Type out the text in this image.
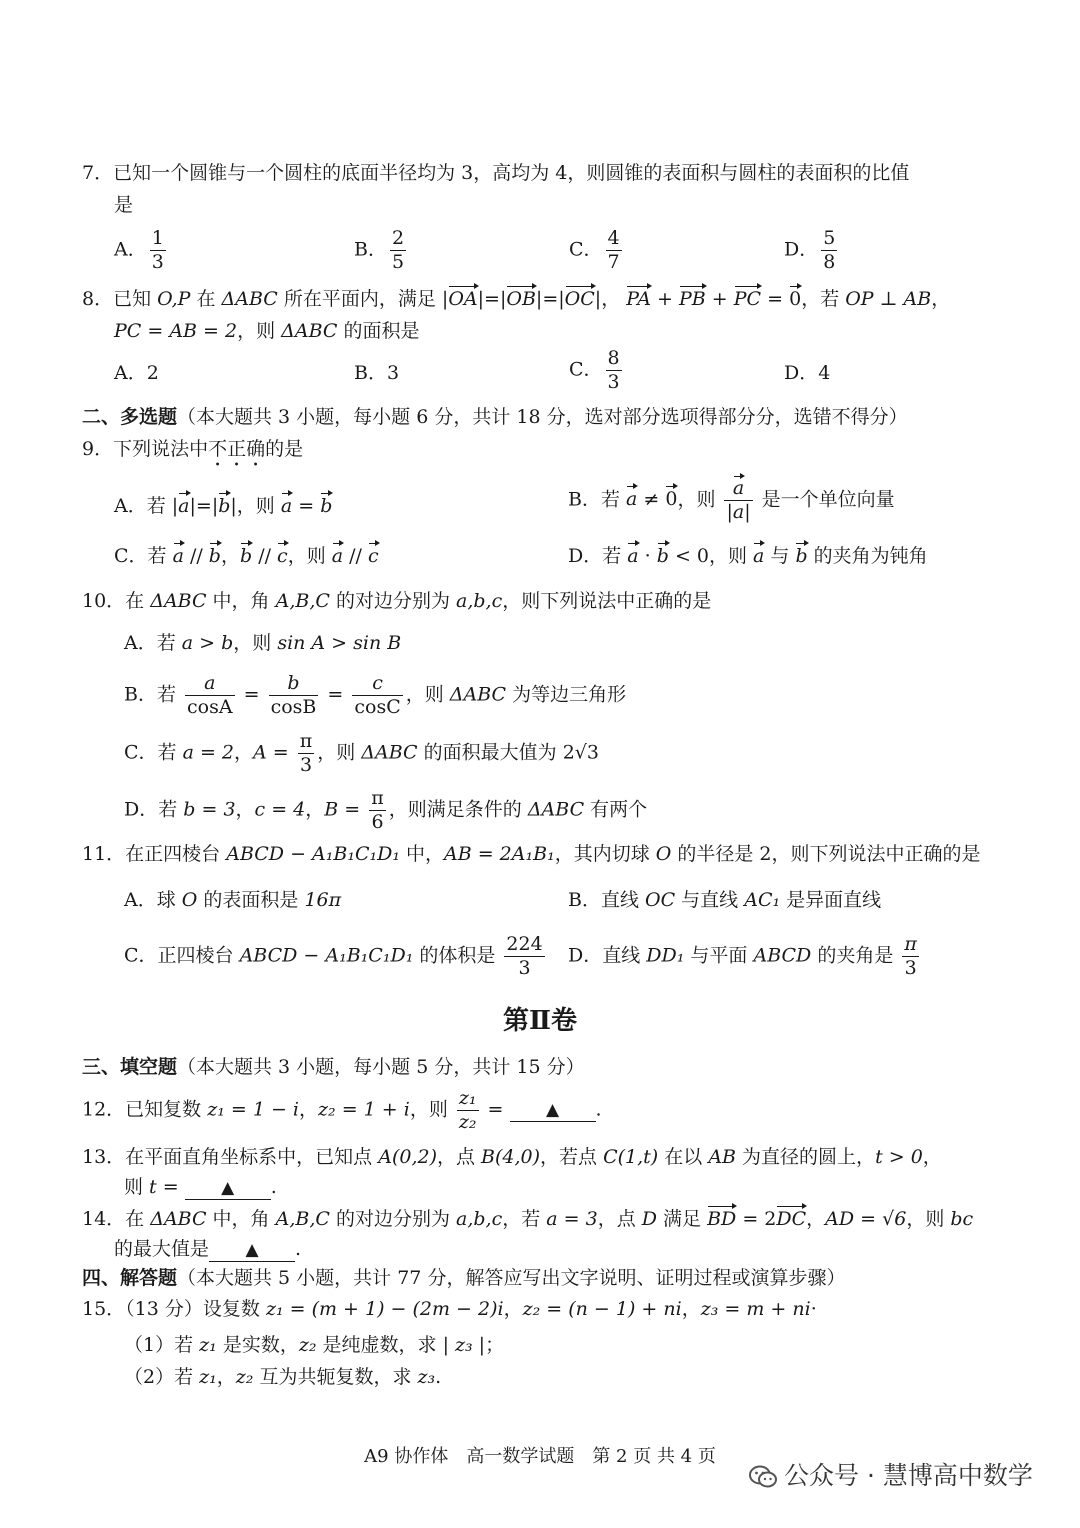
7．已知一个圆锥与一个圆柱的底面半径均为 3，高均为 4，则圆锥的表面积与圆柱的表面积的比值
是
A． $\frac{1}{3}$	B． $\frac{2}{5}$	C． $\frac{4}{7}$	D． $\frac{5}{8}$
8．已知 O,P 在 ΔABC 所在平面内，满足 |OA|=|OB|=|OC|， PA + PB + PC = 0，若 OP ⊥ AB，
PC = AB = 2，则 ΔABC 的面积是
A．2	B．3	C． $\frac{8}{3}$	D．4
二、多选题（本大题共 3 小题，每小题 6 分，共计 18 分，选对部分选项得部分分，选错不得分）
9．下列说法中不正确的是
A．若 |a|=|b|，则 a = b	B．若 a ≠ 0，则 $\frac{a}{|a|}$ 是一个单位向量
C．若 a // b，b // c，则 a // c	D．若 a · b < 0，则 a 与 b 的夹角为钝角
10．在 ΔABC 中，角 A,B,C 的对边分别为 a,b,c，则下列说法中正确的是
A．若 a > b，则 sin A > sin B
B．若 $\frac{a}{\cos A} = \frac{b}{\cos B} = \frac{c}{\cos C}$ ，则 ΔABC 为等边三角形
C．若 a = 2，$A = \frac{\pi}{3}$ ，则 ΔABC 的面积最大值为 2√3
D．若 b = 3，c = 4，$B = \frac{\pi}{6}$ ，则满足条件的 ΔABC 有两个
11．在正四棱台 ABCD − A₁B₁C₁D₁ 中，AB = 2A₁B₁，其内切球 O 的半径是 2，则下列说法中正确的是
A．球 O 的表面积是 16π	B．直线 OC 与直线 AC₁ 是异面直线
C．正四棱台 ABCD − A₁B₁C₁D₁ 的体积是 $\frac{224}{3}$ D．直线 DD₁ 与平面 ABCD 的夹角是 $\frac{\pi}{3}$
第Ⅱ卷
三、填空题（本大题共 3 小题，每小题 5 分，共计 15 分）
12．已知复数 z₁ = 1 − i，z₂ = 1 + i，则 $\frac{\text{z₁}}{\text{z₂}}$ = ▲ .
13．在平面直角坐标系中，已知点 A(0,2)，点 B(4,0)，若点 C(1,t) 在以 AB 为直径的圆上，t > 0，
则 t = ▲ .
14．在 ΔABC 中，角 A,B,C 的对边分别为 a,b,c，若 a = 3，点 D 满足 BD = 2DC，AD = √6，则 bc
的最大值是 ▲ .
四、解答题（本大题共 5 小题，共计 77 分，解答应写出文字说明、证明过程或演算步骤）
15．（13 分）设复数 z₁ = (m + 1) − (2m − 2)i，z₂ = (n − 1) + ni，z₃ = m + ni·
（1）若 z₁ 是实数，z₂ 是纯虚数，求 | z₃ |；
（2）若 z₁，z₂ 互为共轭复数，求 z₃.
A9 协作体　高一数学试题　第 2 页 共 4 页
公众号 · 慧博高中数学
